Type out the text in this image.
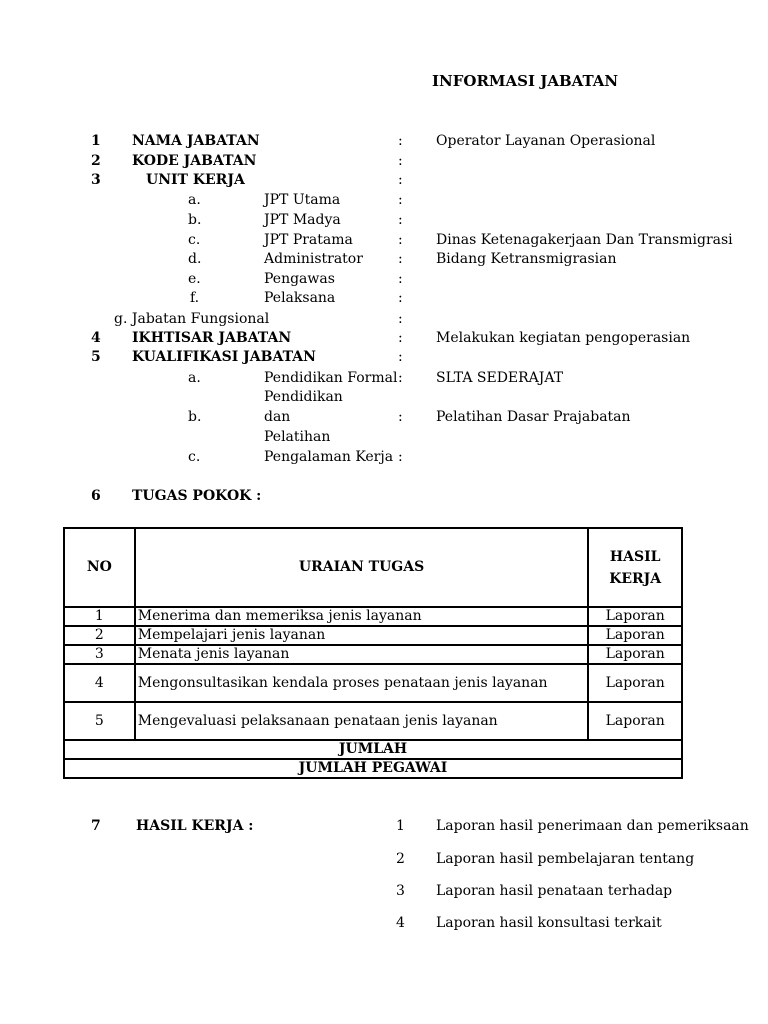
INFORMASI JABATAN
1 NAMA JABATAN	: Operator Layanan Operasional
2 KODE JABATAN	:
3	UNIT KERJA	:
a.	JPT Utama	:
b.	JPT Madya	:
c.	JPT Pratama	: Dinas Ketenagakerjaan Dan Transmigrasi
d.	Administrator	: Bidang Ketransmigrasian
e.	Pengawas	:
f.	Pelaksana	:
g. Jabatan Fungsional	:
4 IKHTISAR JABATAN	: Melakukan kegiatan pengoperasian
5 KUALIFIKASI JABATAN	:
a.	Pendidikan Formal : SLTA SEDERAJAT
Pendidikan
b.	dan	: Pelatihan Dasar Prajabatan
Pelatihan
c.	Pengalaman Kerja :
6 TUGAS POKOK :
NO	URAIAN TUGAS	HASIL
KERJA

1	Menerima dan memeriksa jenis layanan	Laporan
2	Mempelajari jenis layanan	Laporan
3	Menata jenis layanan	Laporan
4	Mengonsultasikan kendala proses penataan jenis layanan	Laporan
5	Mengevaluasi pelaksanaan penataan jenis layanan	Laporan
JUMLAH		
JUMLAH PEGAWAI		
7	HASIL KERJA :	1 Laporan hasil penerimaan dan pemeriksaan
2 Laporan hasil pembelajaran tentang
3 Laporan hasil penataan terhadap
4 Laporan hasil konsultasi terkait
